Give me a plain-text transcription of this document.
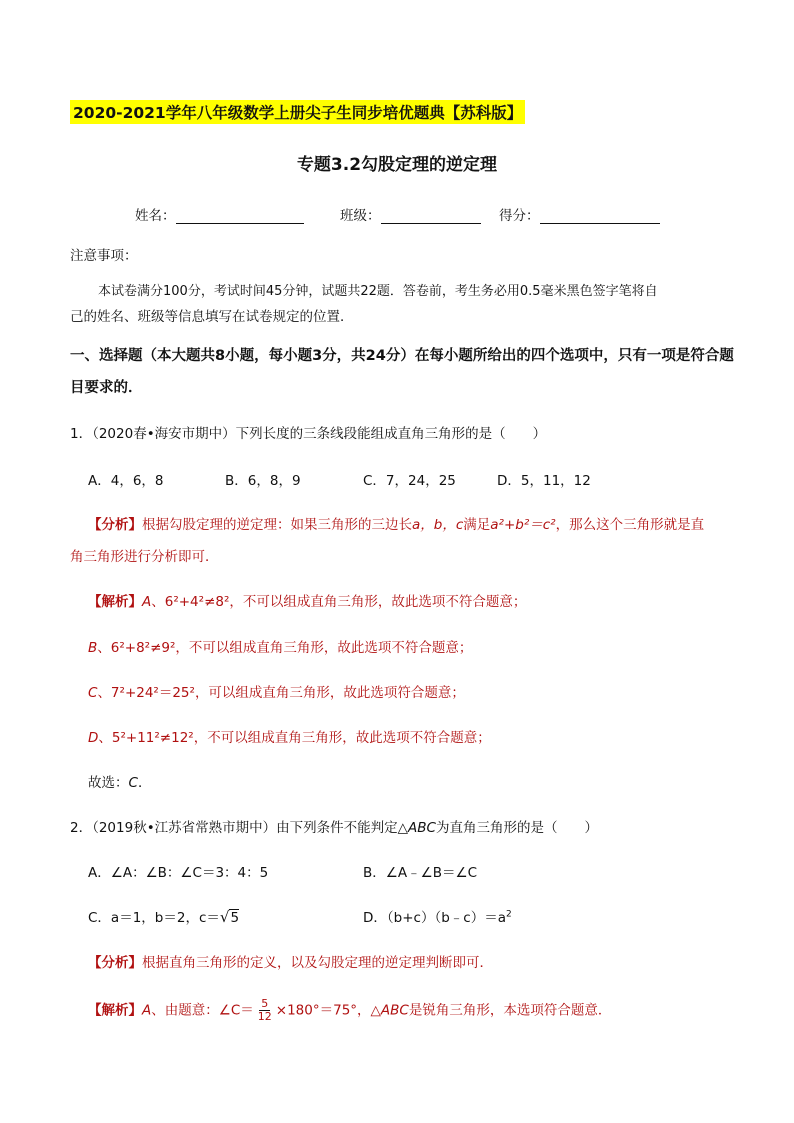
2020-2021学年八年级数学上册尖子生同步培优题典【苏科版】
专题3.2勾股定理的逆定理
姓名：	班级：	得分：
注意事项：
本试卷满分100分，考试时间45分钟，试题共22题．答卷前，考生务必用0.5毫米黑色签字笔将自
己的姓名、班级等信息填写在试卷规定的位置．
一、选择题（本大题共8小题，每小题3分，共24分）在每小题所给出的四个选项中，只有一项是符合题
目要求的．
1．（2020春•海安市期中）下列长度的三条线段能组成直角三角形的是（　　）
A．4，6，8	B．6，8，9	C．7，24，25	D．5，11，12
【分析】根据勾股定理的逆定理：如果三角形的三边长a，b，c满足a²+b²＝c²，那么这个三角形就是直
角三角形进行分析即可．
【解析】A、6²+4²≠8²，不可以组成直角三角形，故此选项不符合题意；
B、6²+8²≠9²，不可以组成直角三角形，故此选项不符合题意；
C、7²+24²＝25²，可以组成直角三角形，故此选项符合题意；
D、5²+11²≠12²，不可以组成直角三角形，故此选项不符合题意；
故选：C．
2．（2019秋•江苏省常熟市期中）由下列条件不能判定△ABC为直角三角形的是（　　）
A．∠A：∠B：∠C＝3：4：5	B．∠A﹣∠B＝∠C
C．a＝1，b＝2，c＝√5	D．$(b+c)(b﹣c)=a^2$
【分析】根据直角三角形的定义，以及勾股定理的逆定理判断即可．
【解析】A、由题意：∠C＝ $\frac{5}{12} \times 180^\circ=75^\circ$，△ABC是锐角三角形，本选项符合题意．
